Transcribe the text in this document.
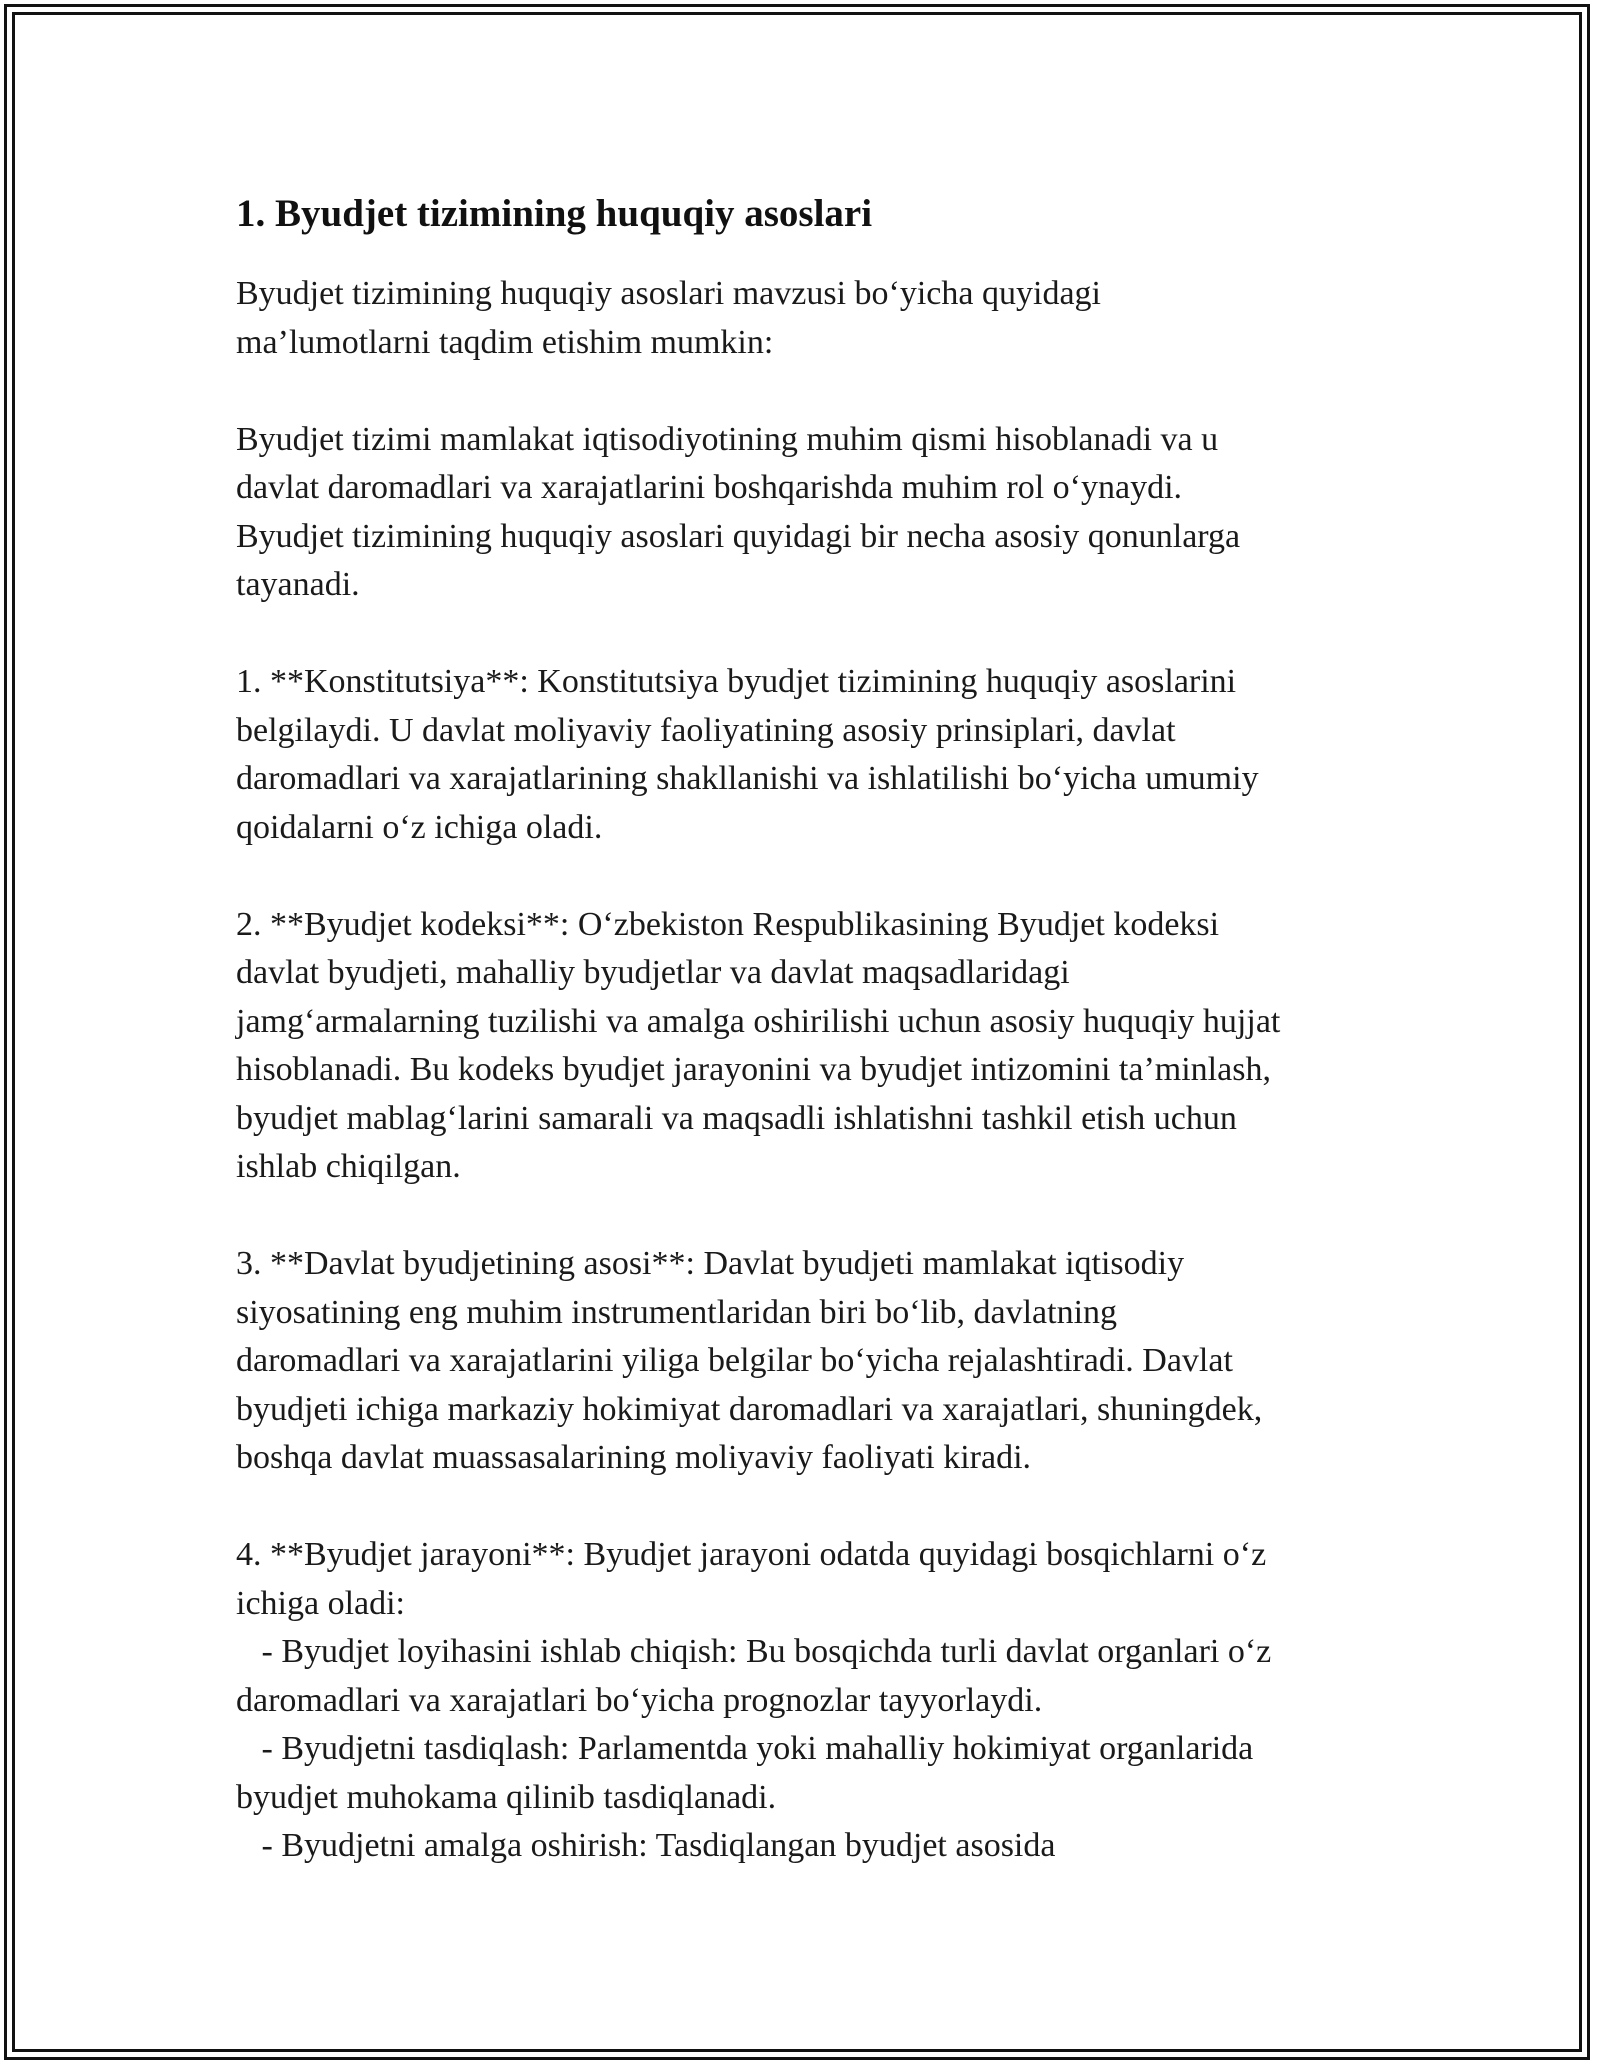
1. Byudjet tizimining huquqiy asoslari
Byudjet tizimining huquqiy asoslari mavzusi bo‘yicha quyidagi
ma’lumotlarni taqdim etishim mumkin:
Byudjet tizimi mamlakat iqtisodiyotining muhim qismi hisoblanadi va u
davlat daromadlari va xarajatlarini boshqarishda muhim rol o‘ynaydi.
Byudjet tizimining huquqiy asoslari quyidagi bir necha asosiy qonunlarga
tayanadi.
1. **Konstitutsiya**: Konstitutsiya byudjet tizimining huquqiy asoslarini
belgilaydi. U davlat moliyaviy faoliyatining asosiy prinsiplari, davlat
daromadlari va xarajatlarining shakllanishi va ishlatilishi bo‘yicha umumiy
qoidalarni o‘z ichiga oladi.
2. **Byudjet kodeksi**: O‘zbekiston Respublikasining Byudjet kodeksi
davlat byudjeti, mahalliy byudjetlar va davlat maqsadlaridagi
jamg‘armalarning tuzilishi va amalga oshirilishi uchun asosiy huquqiy hujjat
hisoblanadi. Bu kodeks byudjet jarayonini va byudjet intizomini ta’minlash,
byudjet mablag‘larini samarali va maqsadli ishlatishni tashkil etish uchun
ishlab chiqilgan.
3. **Davlat byudjetining asosi**: Davlat byudjeti mamlakat iqtisodiy
siyosatining eng muhim instrumentlaridan biri bo‘lib, davlatning
daromadlari va xarajatlarini yiliga belgilar bo‘yicha rejalashtiradi. Davlat
byudjeti ichiga markaziy hokimiyat daromadlari va xarajatlari, shuningdek,
boshqa davlat muassasalarining moliyaviy faoliyati kiradi.
4. **Byudjet jarayoni**: Byudjet jarayoni odatda quyidagi bosqichlarni o‘z
ichiga oladi:
- Byudjet loyihasini ishlab chiqish: Bu bosqichda turli davlat organlari o‘z
daromadlari va xarajatlari bo‘yicha prognozlar tayyorlaydi.
- Byudjetni tasdiqlash: Parlamentda yoki mahalliy hokimiyat organlarida
byudjet muhokama qilinib tasdiqlanadi.
- Byudjetni amalga oshirish: Tasdiqlangan byudjet asosida
